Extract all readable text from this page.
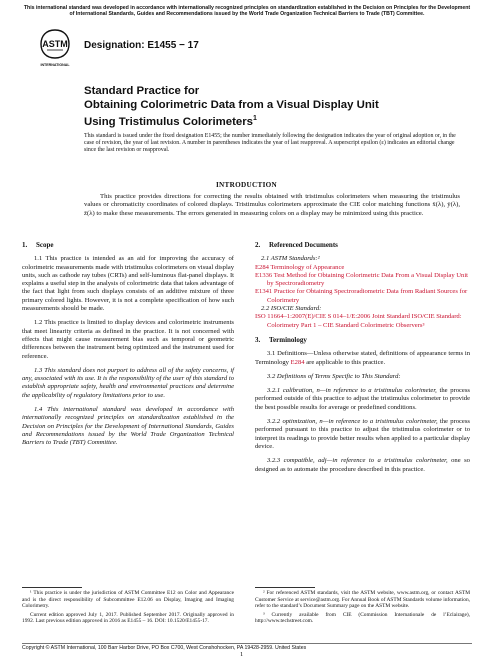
This international standard was developed in accordance with internationally recognized principles on standardization established in the Decision on Principles for the Development of International Standards, Guides and Recommendations issued by the World Trade Organization Technical Barriers to Trade (TBT) Committee.
ASTM
INTERNATIONAL
Designation: E1455 − 17
Standard Practice for
Obtaining Colorimetric Data from a Visual Display Unit
Using Tristimulus Colorimeters$^1$
This standard is issued under the fixed designation E1455; the number immediately following the designation indicates the year of original adoption or, in the case of revision, the year of last revision. A number in parentheses indicates the year of last reapproval. A superscript epsilon (ε) indicates an editorial change since the last revision or reapproval.
INTRODUCTION
This practice provides directions for correcting the results obtained with tristimulus colorimeters when measuring the tristimulus values or chromaticity coordinates of colored displays. Tristimulus colorimeters approximate the CIE color matching functions x̄(λ), ȳ(λ), z̄(λ) to make these measurements. The errors generated in measuring colors on a display may be minimized using this practice.
1. Scope

1.1 This practice is intended as an aid for improving the accuracy of colorimetric measurements made with tristimulus colorimeters on visual display units, such as cathode ray tubes (CRTs) and self-luminous flat-panel displays. It explains a useful step in the analysis of colorimetric data that takes advantage of the fact that light from such displays consists of an additive mixture of three primary colored lights. However, it is not a complete specification of how such measurements should be made.

1.2 This practice is limited to display devices and colorimetric instruments that meet linearity criteria as defined in the practice. It is not concerned with effects that might cause measurement bias such as temporal or geometric differences between the instrument being optimized and the instrument used for reference.

1.3 This standard does not purport to address all of the safety concerns, if any, associated with its use. It is the responsibility of the user of this standard to establish appropriate safety, health and environmental practices and determine the applicability of regulatory limitations prior to use.

1.4 This international standard was developed in accordance with internationally recognized principles on standardization established in the Decision on Principles for the Development of International Standards, Guides and Recommendations issued by the World Trade Organization Technical Barriers to Trade (TBT) Committee.

¹ This practice is under the jurisdiction of ASTM Committee E12 on Color and Appearance and is the direct responsibility of Subcommittee E12.06 on Display, Imaging and Imaging Colorimetry.

Current edition approved July 1, 2017. Published September 2017. Originally approved in 1992. Last previous edition approved in 2016 as E1455 – 16. DOI: 10.1520/E1455-17.

2. Referenced Documents

2.1 ASTM Standards:²

E284 Terminology of Appearance

E1336 Test Method for Obtaining Colorimetric Data From a Visual Display Unit by Spectroradiometry

E1341 Practice for Obtaining Spectroradiometric Data from Radiant Sources for Colorimetry

2.2 ISO/CIE Standard:

ISO 11664–1:2007(E)/CIE S 014–1/E:2006 Joint Standard ISO/CIE Standard: Colorimetry Part 1 – CIE Standard Colorimetric Observers³

3. Terminology

3.1 Definitions—Unless otherwise stated, definitions of appearance terms in Terminology E284 are applicable to this practice.

3.2 Definitions of Terms Specific to This Standard:

3.2.1 calibration, n—in reference to a tristimulus colorimeter, the process performed outside of this practice to adjust the tristimulus colorimeter to provide the best possible results for average or predefined conditions.

3.2.2 optimization, n—in reference to a tristimulus colorimeter, the process performed pursuant to this practice to adjust the tristimulus colorimeter or to interpret its readings to provide better results when applied to a particular display device.

3.2.3 compatible, adj—in reference to a tristimulus colorimeter, one so designed as to automate the procedure described in this practice.

² For referenced ASTM standards, visit the ASTM website, www.astm.org, or contact ASTM Customer Service at service@astm.org. For Annual Book of ASTM Standards volume information, refer to the standard’s Document Summary page on the ASTM website.

³ Currently available from CIE (Commission Internationale de l’Eclairage), http://www.techstreet.com.

Copyright © ASTM International, 100 Barr Harbor Drive, PO Box C700, West Conshohocken, PA 19428-2959. United States
1
